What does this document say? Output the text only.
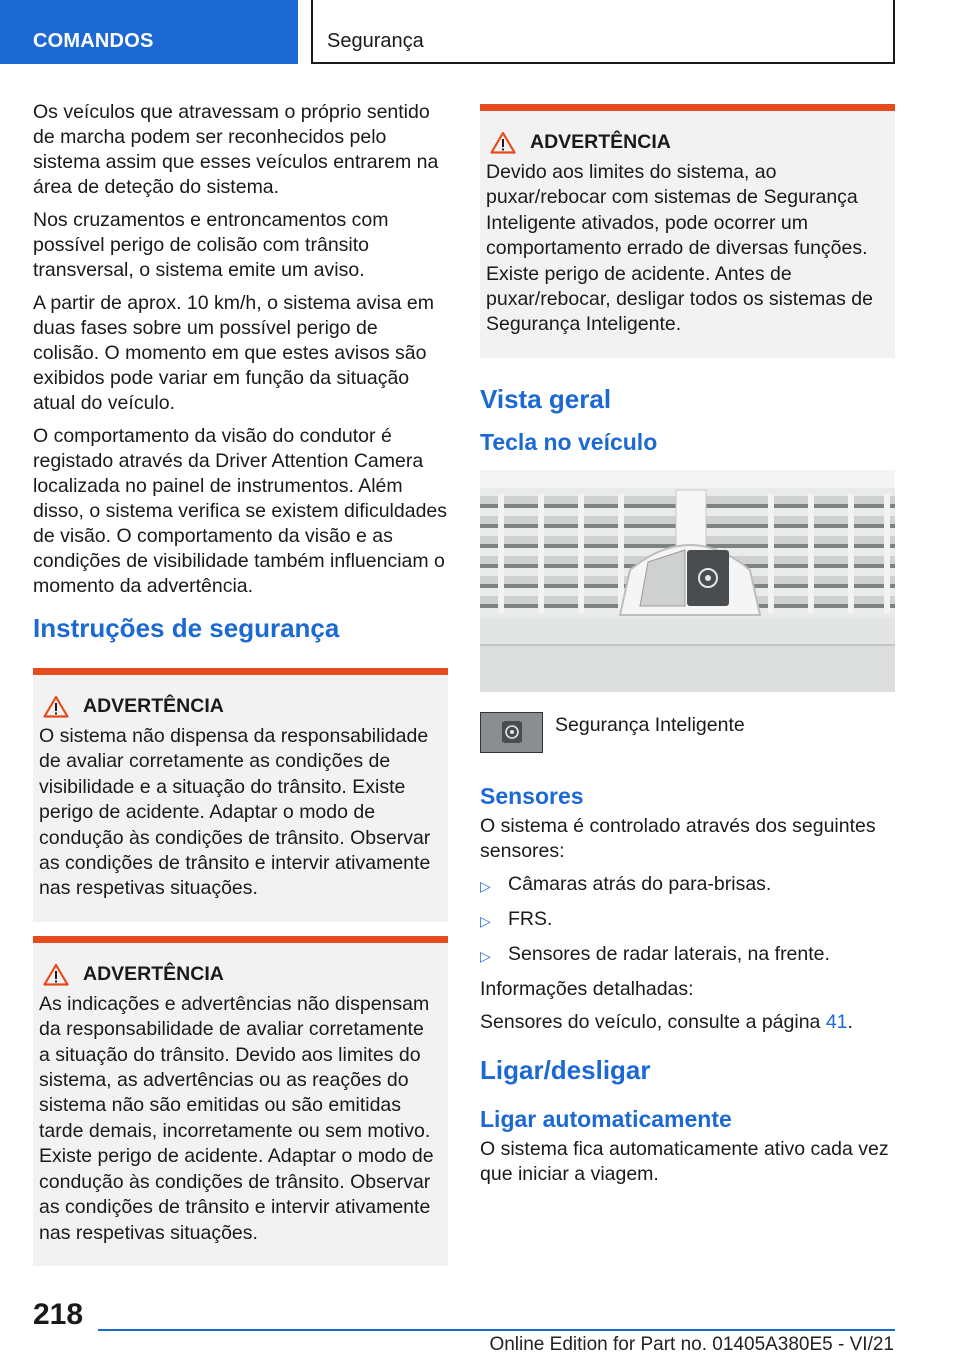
COMANDOS	Segurança

Os veículos que atravessam o próprio sentido de marcha podem ser reconhecidos pelo sistema assim que esses veículos entrarem na área de deteção do sistema.

Nos cruzamentos e entroncamentos com possível perigo de colisão com trânsito transversal, o sistema emite um aviso.

A partir de aprox. 10 km/h, o sistema avisa em duas fases sobre um possível perigo de colisão. O momento em que estes avisos são exibidos pode variar em função da situação atual do veículo.

O comportamento da visão do condutor é registado através da Driver Attention Camera localizada no painel de instrumentos. Além disso, o sistema verifica se existem dificuldades de visão. O comportamento da visão e as condições de visibilidade também influenciam o momento da advertência.

Instruções de segurança
ADVERTÊNCIA
O sistema não dispensa da responsabilidade de avaliar corretamente as condições de visibilidade e a situação do trânsito. Existe perigo de acidente. Adaptar o modo de condução às condições de trânsito. Observar as condições de trânsito e intervir ativamente nas respetivas situações.
ADVERTÊNCIA
As indicações e advertências não dispensam da responsabilidade de avaliar corretamente a situação do trânsito. Devido aos limites do sistema, as advertências ou as reações do sistema não são emitidas ou são emitidas tarde demais, incorretamente ou sem motivo. Existe perigo de acidente. Adaptar o modo de condução às condições de trânsito. Observar as condições de trânsito e intervir ativamente nas respetivas situações.
ADVERTÊNCIA
Devido aos limites do sistema, ao puxar/rebocar com sistemas de Segurança Inteligente ativados, pode ocorrer um comportamento errado de diversas funções. Existe perigo de acidente. Antes de puxar/rebocar, desligar todos os sistemas de Segurança Inteligente.
Vista geral
Tecla no veículo
Segurança Inteligente
Sensores

O sistema é controlado através dos seguintes sensores:

▷ Câmaras atrás do para-brisas.
▷ FRS.
▷ Sensores de radar laterais, na frente.

Informações detalhadas:

Sensores do veículo, consulte a página 41.

Ligar/desligar
Ligar automaticamente

O sistema fica automaticamente ativo cada vez que iniciar a viagem.

218
Online Edition for Part no. 01405A380E5 - VI/21
